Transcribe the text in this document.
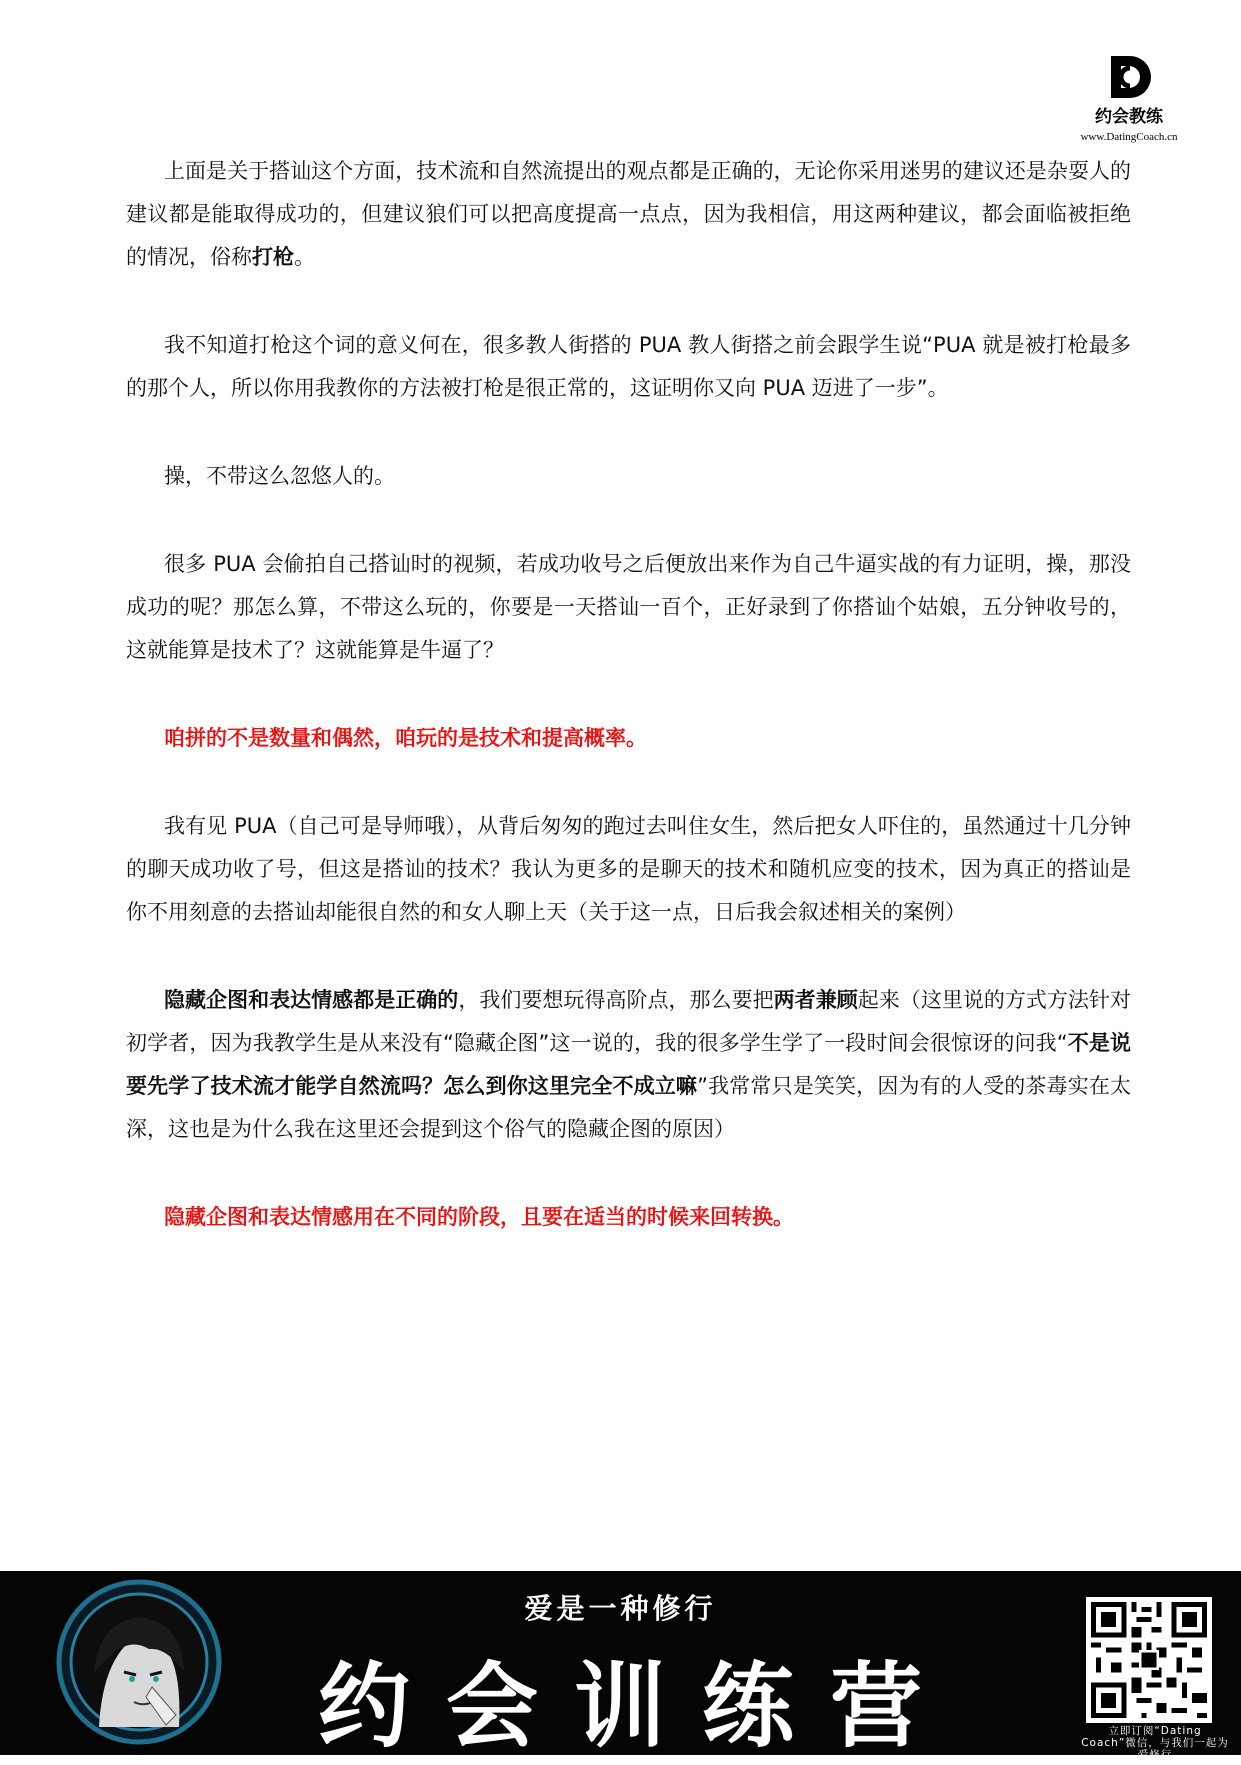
约会教练
www.DatingCoach.cn

上面是关于搭讪这个方面，技术流和自然流提出的观点都是正确的，无论你采用迷男的建议还是杂耍人的建议都是能取得成功的，但建议狼们可以把高度提高一点点，因为我相信，用这两种建议，都会面临被拒绝的情况，俗称打枪。

我不知道打枪这个词的意义何在，很多教人街搭的 PUA 教人街搭之前会跟学生说“PUA 就是被打枪最多的那个人，所以你用我教你的方法被打枪是很正常的，这证明你又向 PUA 迈进了一步”。

操，不带这么忽悠人的。

很多 PUA 会偷拍自己搭讪时的视频，若成功收号之后便放出来作为自己牛逼实战的有力证明，操，那没成功的呢？那怎么算，不带这么玩的，你要是一天搭讪一百个，正好录到了你搭讪个姑娘，五分钟收号的，这就能算是技术了？这就能算是牛逼了？

咱拼的不是数量和偶然，咱玩的是技术和提高概率。

我有见 PUA（自己可是导师哦），从背后匆匆的跑过去叫住女生，然后把女人吓住的，虽然通过十几分钟的聊天成功收了号，但这是搭讪的技术？我认为更多的是聊天的技术和随机应变的技术，因为真正的搭讪是你不用刻意的去搭讪却能很自然的和女人聊上天（关于这一点，日后我会叙述相关的案例）

隐藏企图和表达情感都是正确的，我们要想玩得高阶点，那么要把两者兼顾起来（这里说的方式方法针对初学者，因为我教学生是从来没有“隐藏企图”这一说的，我的很多学生学了一段时间会很惊讶的问我“不是说要先学了技术流才能学自然流吗？怎么到你这里完全不成立嘛”我常常只是笑笑，因为有的人受的茶毒实在太深，这也是为什么我在这里还会提到这个俗气的隐藏企图的原因）

隐藏企图和表达情感用在不同的阶段，且要在适当的时候来回转换。

爱是一种修行
约会训练营	立即订阅“Dating Coach”微信，与我们一起为爱修行
